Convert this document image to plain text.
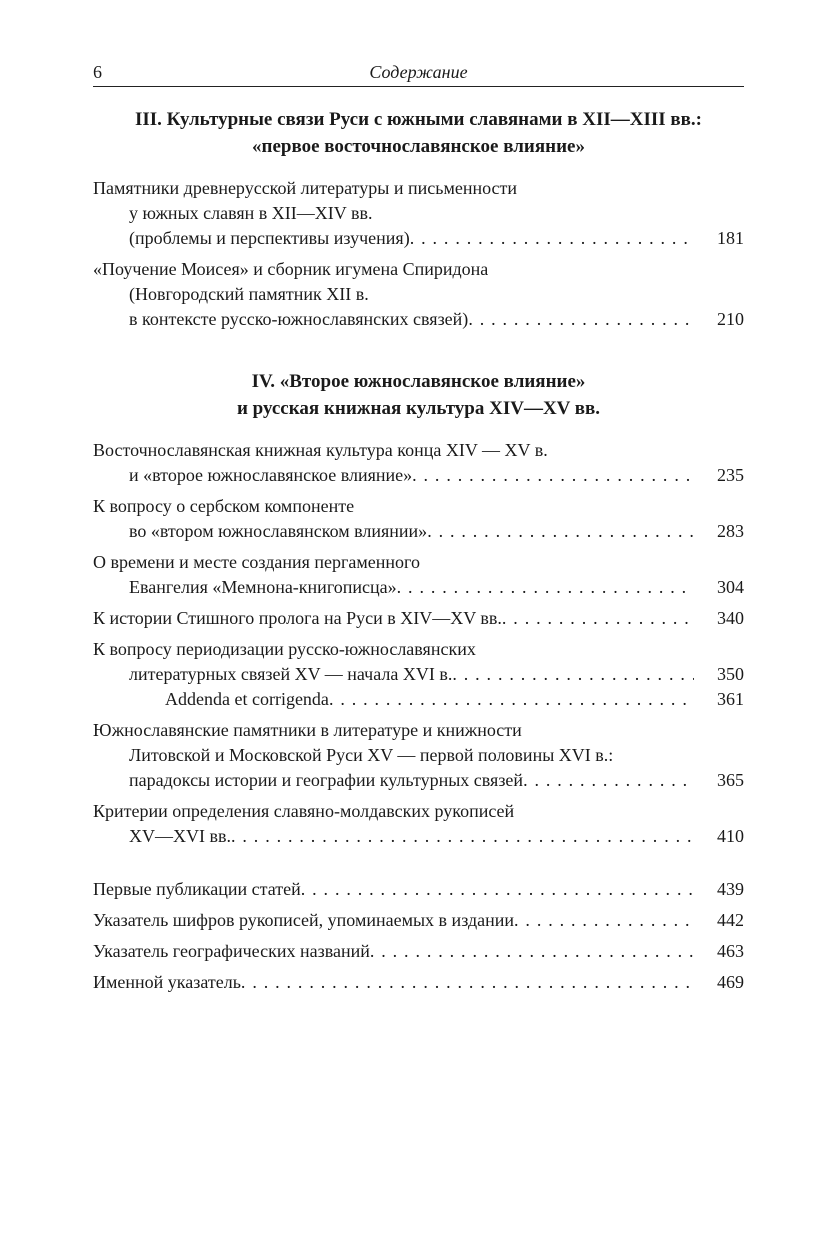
6	Содержание
III. Культурные связи Руси с южными славянами в XII—XIII вв.:
«первое восточнославянское влияние»
Памятники древнерусской литературы и письменности
у южных славян в XII—XIV вв.
(проблемы и перспективы изучения) . . .	181
«Поучение Моисея» и сборник игумена Спиридона
(Новгородский памятник XII в.
в контексте русско-южнославянских связей) . . .	210
IV. «Второе южнославянское влияние»
и русская книжная культура XIV—XV вв.
Восточнославянская книжная культура конца XIV — XV в.
и «второе южнославянское влияние» . . .	235
К вопросу о сербском компоненте
во «втором южнославянском влиянии» . . .	283
О времени и месте создания пергаменного
Евангелия «Мемнона-книгописца» . . .	304
К истории Стишного пролога на Руси в XIV—XV вв. . . .	340
К вопросу периодизации русско-южнославянских
литературных связей XV — начала XVI в. . . .	350
Addenda et corrigenda . . .	361
Южнославянские памятники в литературе и книжности
Литовской и Московской Руси XV — первой половины XVI в.:
парадоксы истории и географии культурных связей . . .	365
Критерии определения славяно-молдавских рукописей
XV—XVI вв. . . .	410
Первые публикации статей . . .	439
Указатель шифров рукописей, упоминаемых в издании . . .	442
Указатель географических названий . . .	463
Именной указатель . . .	469
